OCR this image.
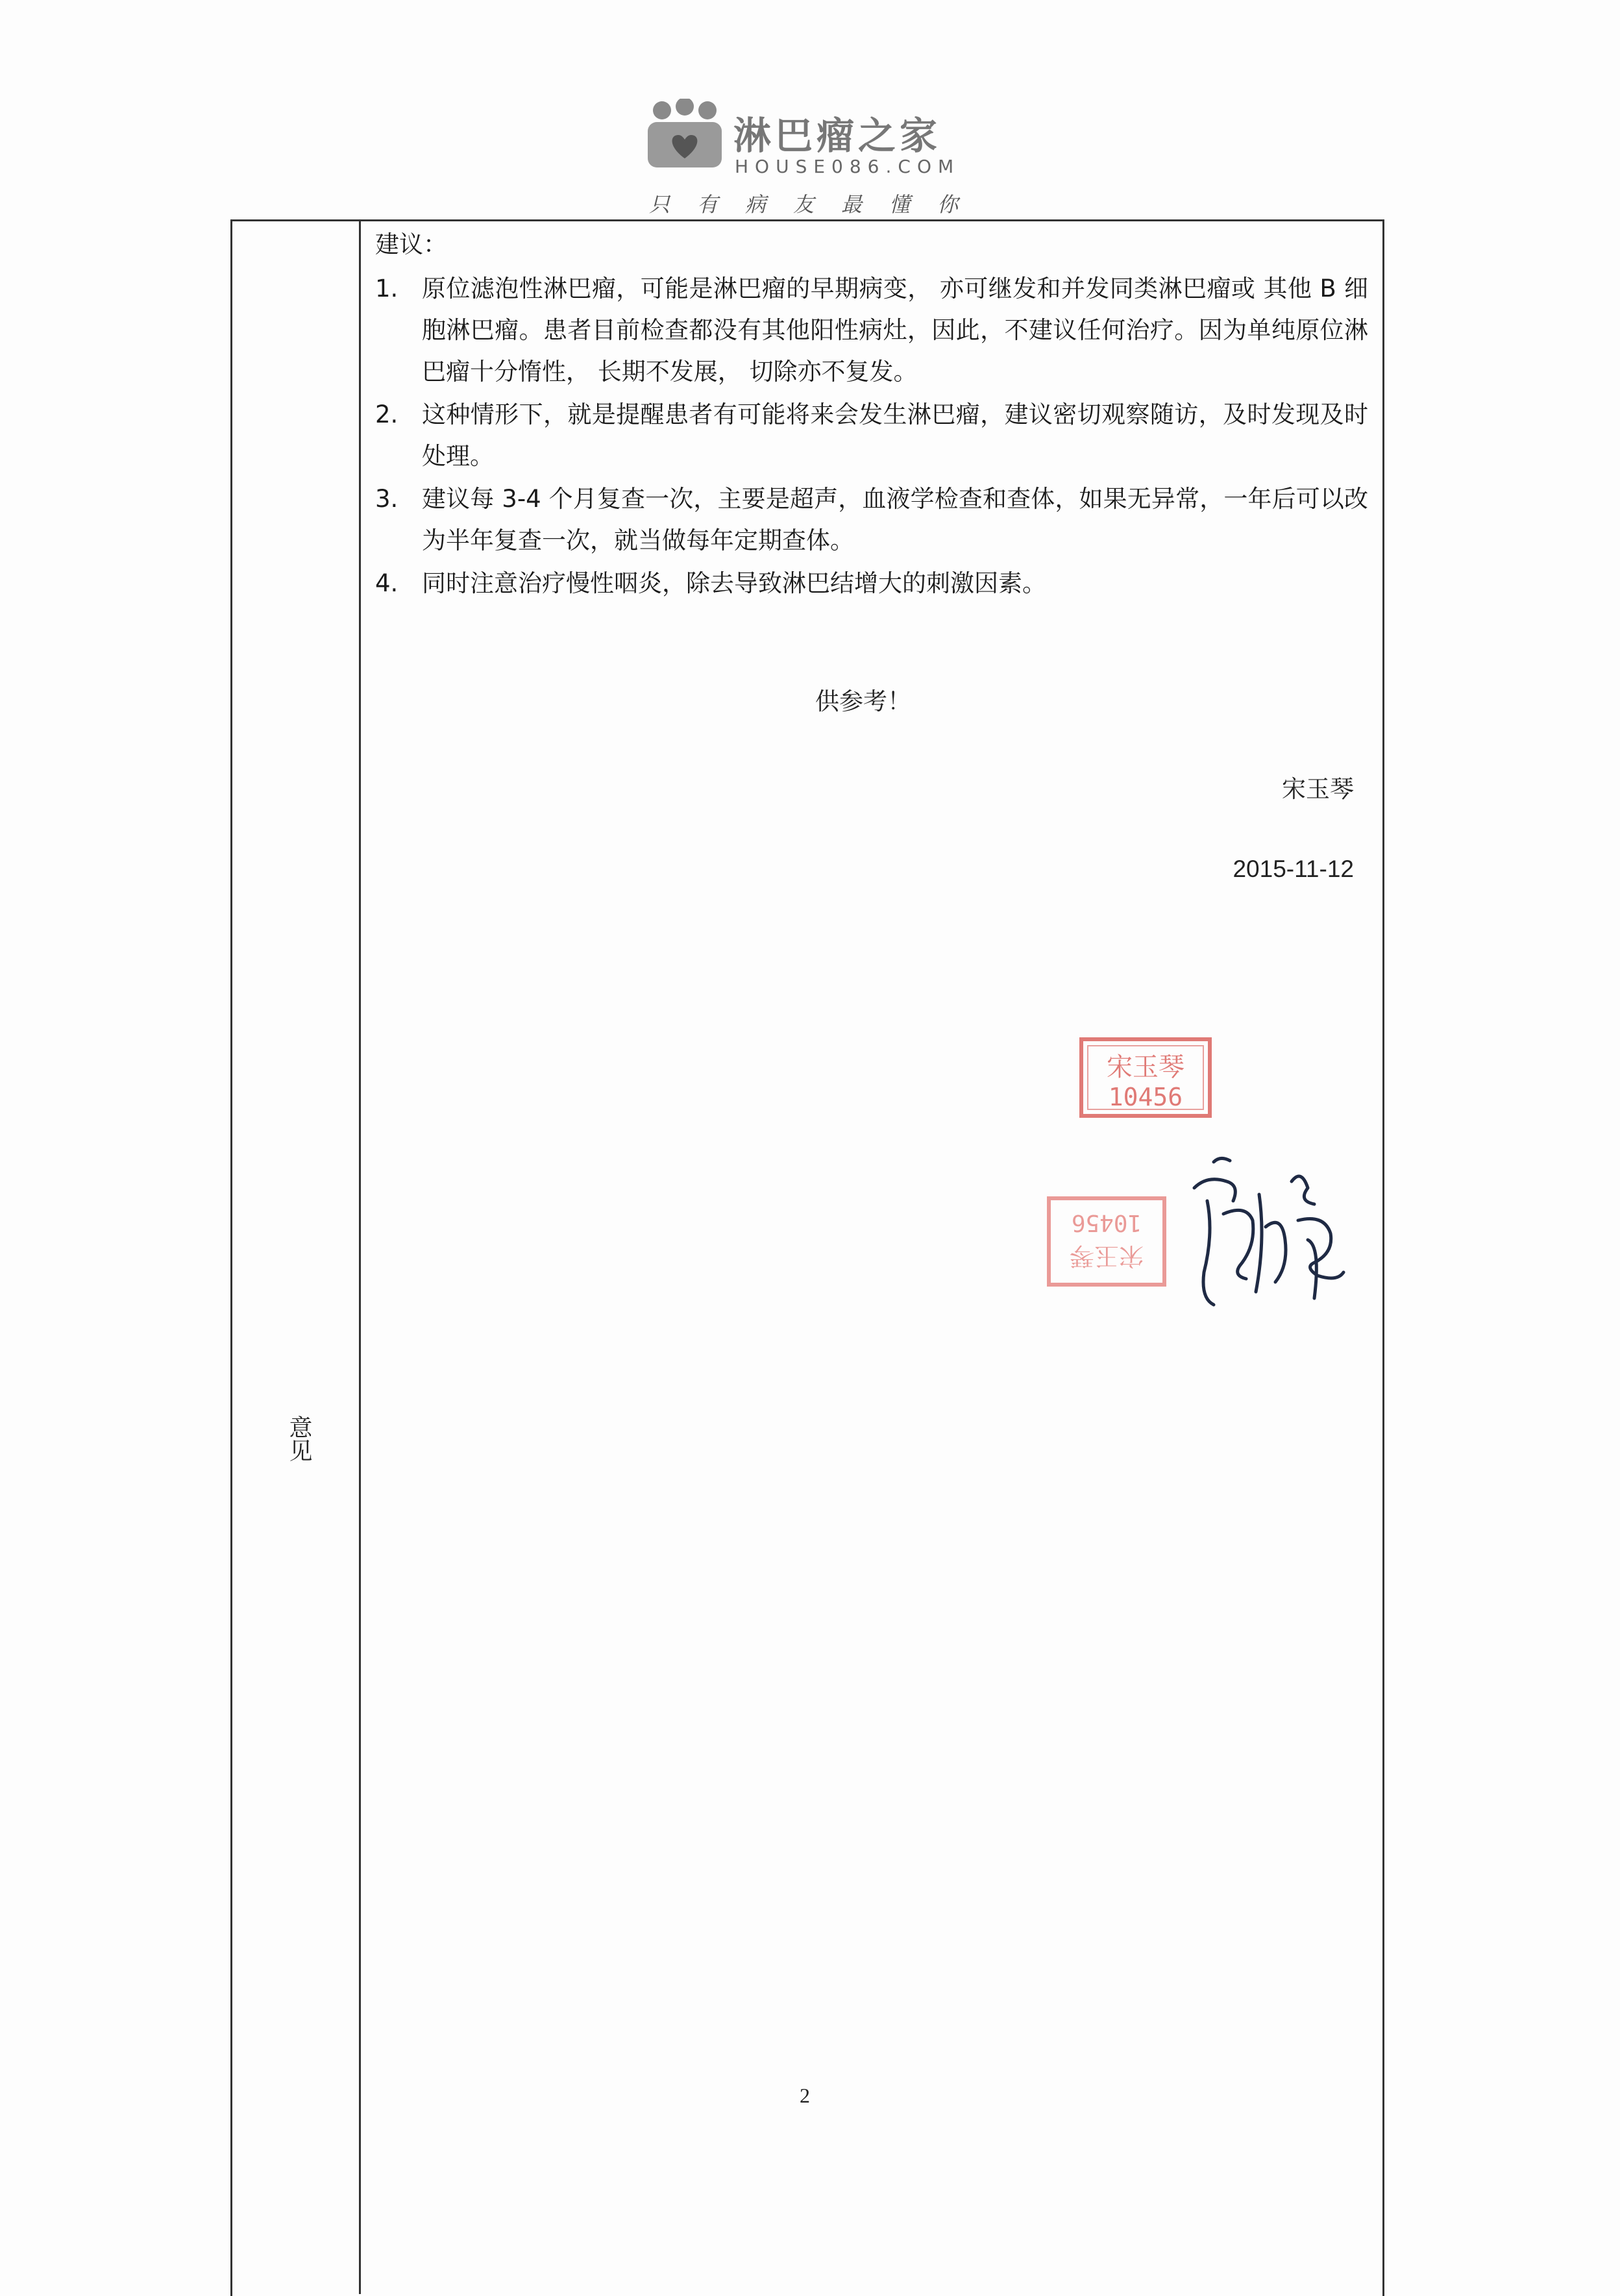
淋巴瘤之家
HOUSE086.COM
只有病友最懂你
意见
建议：
1. 原位滤泡性淋巴瘤，可能是淋巴瘤的早期病变， 亦可继发和并发同类淋巴瘤或 其他 B 细胞淋巴瘤。患者目前检查都没有其他阳性病灶，因此，不建议任何治疗。因为单纯原位淋巴瘤十分惰性， 长期不发展， 切除亦不复发。
2. 这种情形下，就是提醒患者有可能将来会发生淋巴瘤，建议密切观察随访，及时发现及时处理。
3. 建议每 3-4 个月复查一次，主要是超声，血液学检查和查体，如果无异常，一年后可以改为半年复查一次，就当做每年定期查体。
4. 同时注意治疗慢性咽炎，除去导致淋巴结增大的刺激因素。
供参考！
宋玉琴
2015-11-12
宋玉琴
10456
宋玉琴
10456
2
